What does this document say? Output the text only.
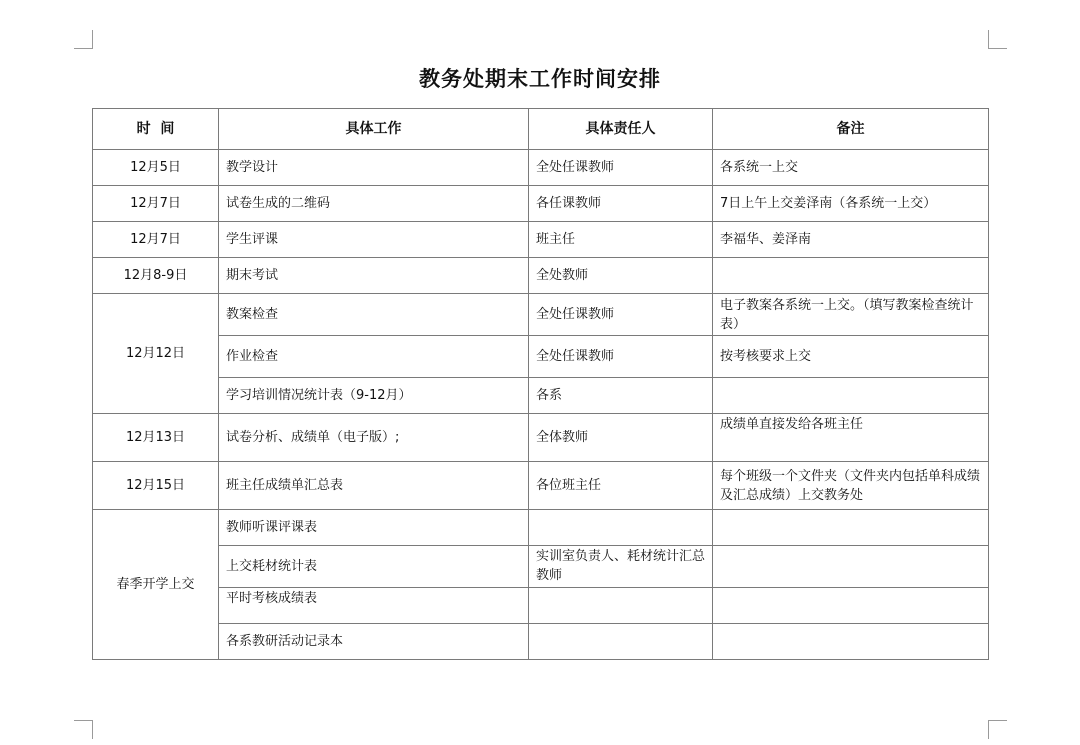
教务处期末工作时间安排
时  间	具体工作	具体责任人	备注
12月5日	教学设计	全处任课教师	各系统一上交
12月7日	试卷生成的二维码	各任课教师	7日上午上交姜泽南（各系统一上交）
12月7日	学生评课	班主任	李福华、姜泽南
12月8-9日	期末考试	全处教师	
12月12日	教案检查	全处任课教师	电子教案各系统一上交。（填写教案检查统计表）
	作业检查	全处任课教师	按考核要求上交
	学习培训情况统计表（9-12月）	各系	
12月13日	试卷分析、成绩单（电子版）;	全体教师	成绩单直接发给各班主任
12月15日	班主任成绩单汇总表	各位班主任	每个班级一个文件夹（文件夹内包括单科成绩及汇总成绩）上交教务处
春季开学上交	教师听课评课表		
	上交耗材统计表	实训室负责人、耗材统计汇总教师	
	平时考核成绩表		
	各系教研活动记录本		
